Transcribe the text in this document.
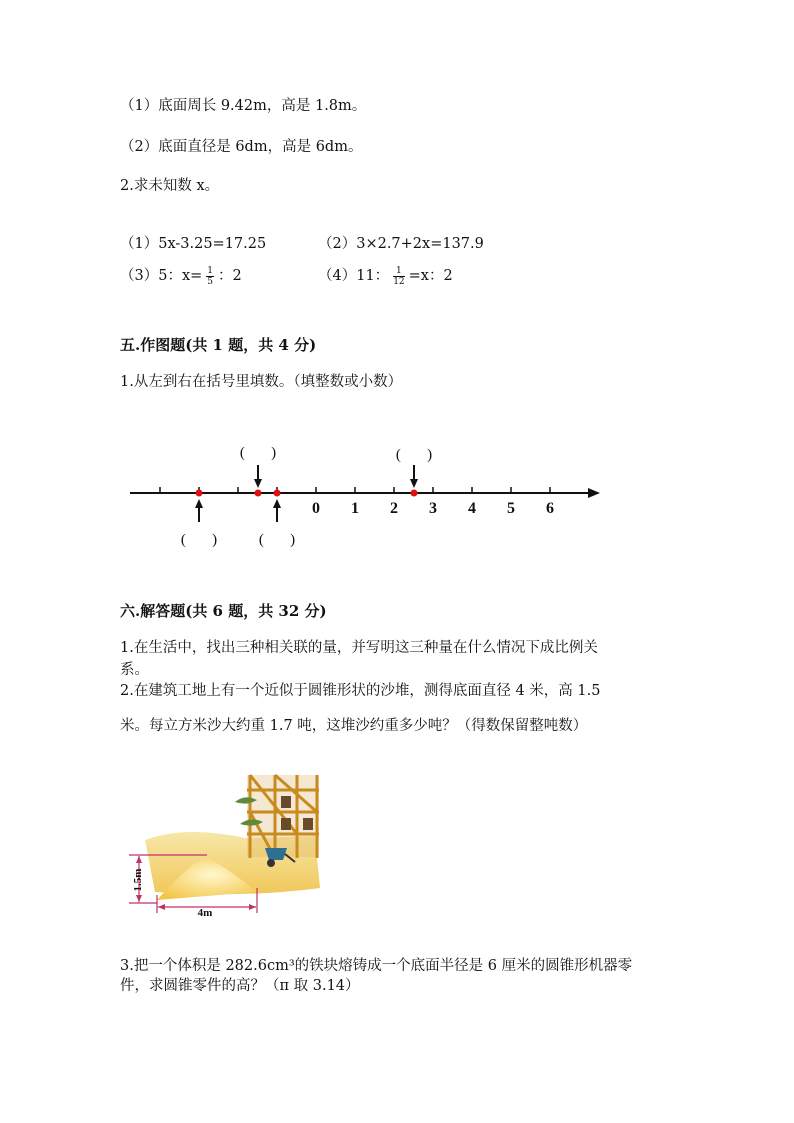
（1）底面周长 9.42m，高是 1.8m。
（2）底面直径是 6dm，高是 6dm。
2.求未知数 x。
（1）5x-3.25=17.25	（2）3×2.7+2x=137.9
（3）5：$x= \frac{1}{5}$ ：2	（4）11： $\frac{1}{12} =x$：2
五.作图题(共 1 题，共 4 分)
1.从左到右在括号里填数。（填整数或小数）
0 1 2 3 4 5 6
(       )	(       )
(       )	(       )
六.解答题(共 6 题，共 32 分)
1.在生活中，找出三种相关联的量，并写明这三种量在什么情况下成比例关
系。
2.在建筑工地上有一个近似于圆锥形状的沙堆，测得底面直径 4 米，高 1.5
米。每立方米沙大约重 1.7 吨，这堆沙约重多少吨？（得数保留整吨数）
1.5m
4m
3.把一个体积是 282.6cm³的铁块熔铸成一个底面半径是 6 厘米的圆锥形机器零
件，求圆锥零件的高？（π 取 3.14）
